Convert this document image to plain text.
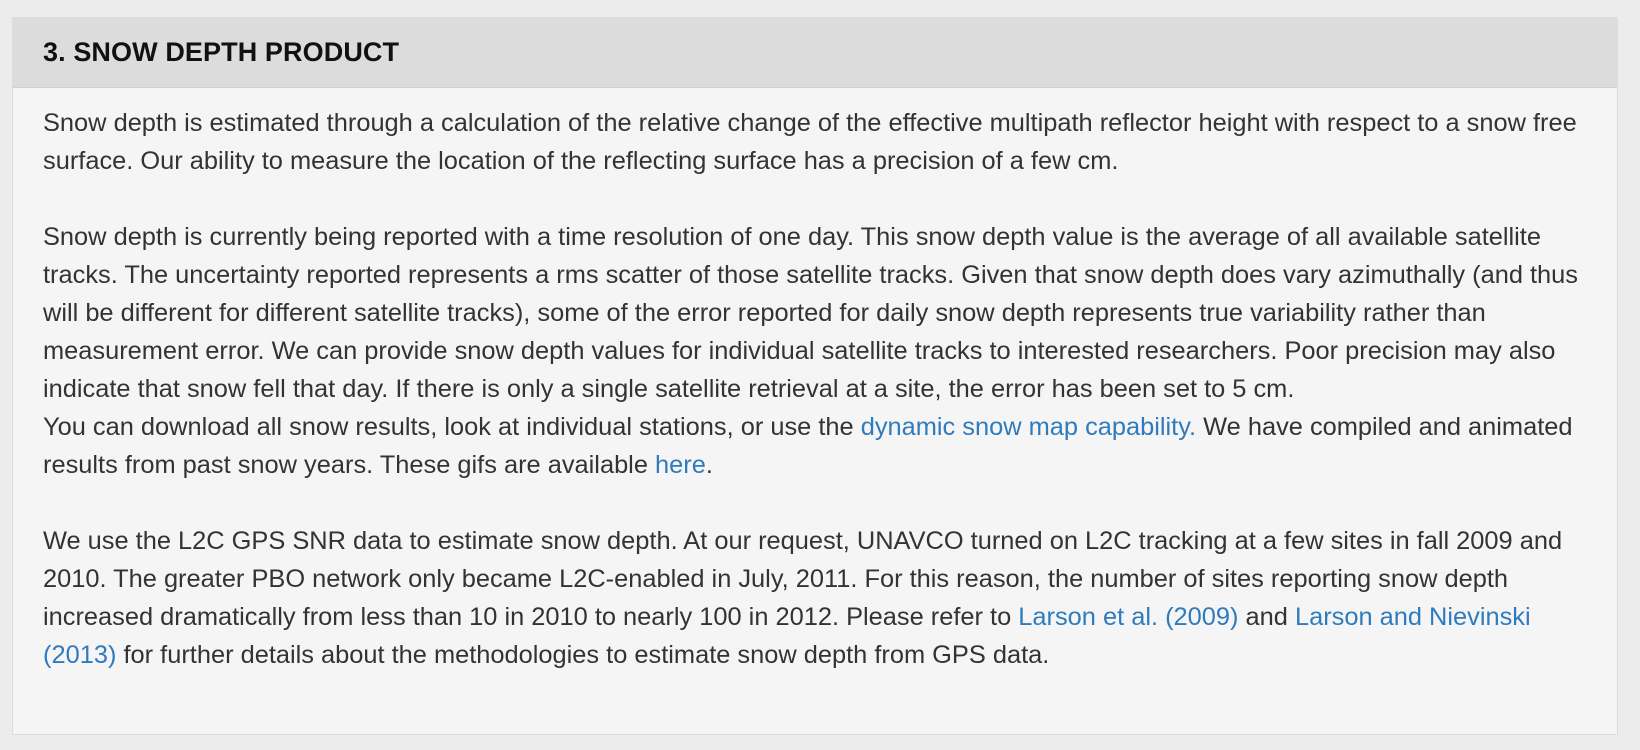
3. SNOW DEPTH PRODUCT

Snow depth is estimated through a calculation of the relative change of the effective multipath reflector height with respect to a snow free surface. Our ability to measure the location of the reflecting surface has a precision of a few cm.

Snow depth is currently being reported with a time resolution of one day. This snow depth value is the average of all available satellite tracks. The uncertainty reported represents a rms scatter of those satellite tracks. Given that snow depth does vary azimuthally (and thus will be different for different satellite tracks), some of the error reported for daily snow depth represents true variability rather than measurement error. We can provide snow depth values for individual satellite tracks to interested researchers. Poor precision may also indicate that snow fell that day. If there is only a single satellite retrieval at a site, the error has been set to 5 cm.

You can download all snow results, look at individual stations, or use the dynamic snow map capability. We have compiled and animated results from past snow years. These gifs are available here.

We use the L2C GPS SNR data to estimate snow depth. At our request, UNAVCO turned on L2C tracking at a few sites in fall 2009 and 2010. The greater PBO network only became L2C-enabled in July, 2011. For this reason, the number of sites reporting snow depth increased dramatically from less than 10 in 2010 to nearly 100 in 2012. Please refer to Larson et al. (2009) and Larson and Nievinski (2013) for further details about the methodologies to estimate snow depth from GPS data.
